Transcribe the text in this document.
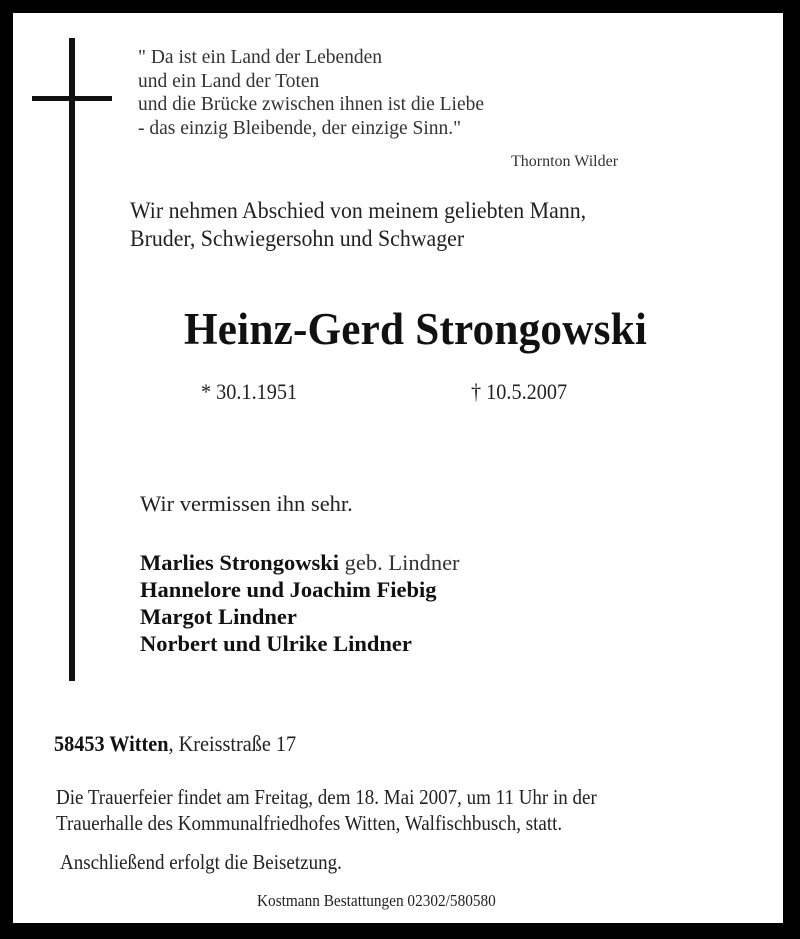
" Da ist ein Land der Lebenden
und ein Land der Toten
und die Brücke zwischen ihnen ist die Liebe
- das einzig Bleibende, der einzige Sinn."
Thornton Wilder
Wir nehmen Abschied von meinem geliebten Mann,
Bruder, Schwiegersohn und Schwager
Heinz-Gerd Strongowski
* 30.1.1951	† 10.5.2007
Wir vermissen ihn sehr.
Marlies Strongowski geb. Lindner
Hannelore und Joachim Fiebig
Margot Lindner
Norbert und Ulrike Lindner
58453 Witten, Kreisstraße 17
Die Trauerfeier findet am Freitag, dem 18. Mai 2007, um 11 Uhr in der
Trauerhalle des Kommunalfriedhofes Witten, Walfischbusch, statt.
Anschließend erfolgt die Beisetzung.
Kostmann Bestattungen 02302/580580
